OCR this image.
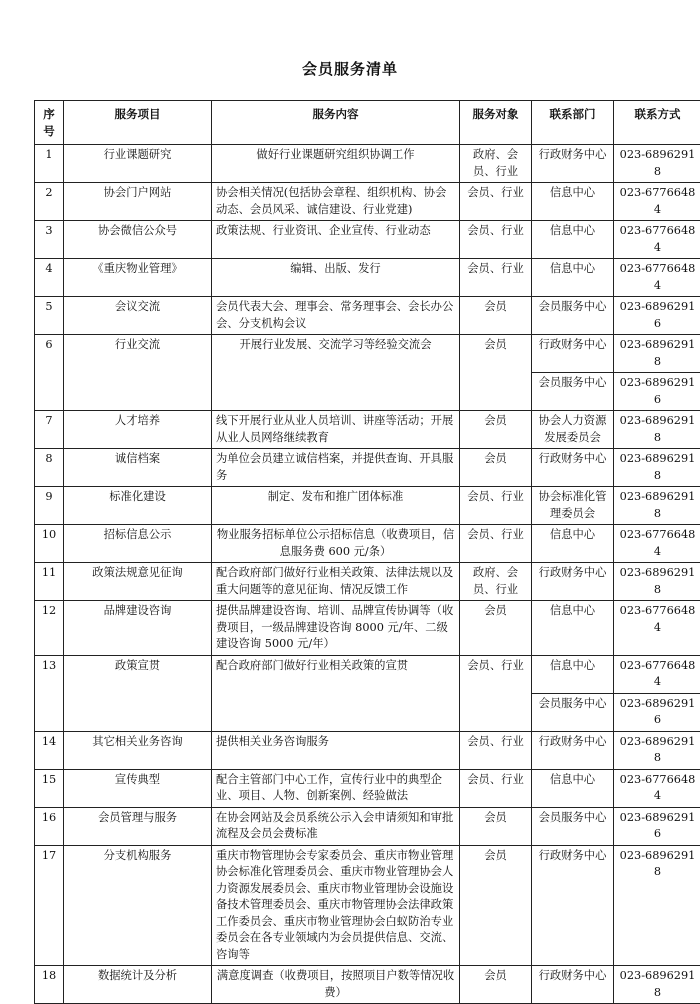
会员服务清单
序号	服务项目	服务内容	服务对象	联系部门	联系方式
1	行业课题研究	做好行业课题研究组织协调工作	政府、会员、行业	行政财务中心	023-68962918
2	协会门户网站	协会相关情况(包括协会章程、组织机构、协会动态、会员风采、诚信建设、行业党建)	会员、行业	信息中心	023-67766484
3	协会微信公众号	政策法规、行业资讯、企业宣传、行业动态	会员、行业	信息中心	023-67766484
4	《重庆物业管理》	编辑、出版、发行	会员、行业	信息中心	023-67766484
5	会议交流	会员代表大会、理事会、常务理事会、会长办公会、分支机构会议	会员	会员服务中心	023-68962916
6	行业交流	开展行业发展、交流学习等经验交流会	会员	行政财务中心	023-68962918
				会员服务中心	023-68962916
7	人才培养	线下开展行业从业人员培训、讲座等活动；开展从业人员网络继续教育	会员	协会人力资源发展委员会	023-68962918
8	诚信档案	为单位会员建立诚信档案，并提供查询、开具服务	会员	行政财务中心	023-68962918
9	标准化建设	制定、发布和推广团体标准	会员、行业	协会标准化管理委员会	023-68962918
10	招标信息公示	物业服务招标单位公示招标信息（收费项目，信息服务费 600 元/条）	会员、行业	信息中心	023-67766484
11	政策法规意见征询	配合政府部门做好行业相关政策、法律法规以及重大问题等的意见征询、情况反馈工作	政府、会员、行业	行政财务中心	023-68962918
12	品牌建设咨询	提供品牌建设咨询、培训、品牌宣传协调等（收费项目，一级品牌建设咨询 8000 元/年、二级建设咨询 5000 元/年）	会员	信息中心	023-67766484
13	政策宣贯	配合政府部门做好行业相关政策的宣贯	会员、行业	信息中心	023-67766484
				会员服务中心	023-68962916
14	其它相关业务咨询	提供相关业务咨询服务	会员、行业	行政财务中心	023-68962918
15	宣传典型	配合主管部门中心工作，宣传行业中的典型企业、项目、人物、创新案例、经验做法	会员、行业	信息中心	023-67766484
16	会员管理与服务	在协会网站及会员系统公示入会申请须知和审批流程及会员会费标准	会员	会员服务中心	023-68962916
17	分支机构服务	重庆市物管理协会专家委员会、重庆市物业管理协会标准化管理委员会、重庆市物业管理协会人力资源发展委员会、重庆市物业管理协会设施设备技术管理委员会、重庆市物管理协会法律政策工作委员会、重庆市物业管理协会白蚁防治专业委员会在各专业领域内为会员提供信息、交流、咨询等	会员	行政财务中心	023-68962918
18	数据统计及分析	满意度调查（收费项目，按照项目户数等情况收费）	会员	行政财务中心	023-68962918
